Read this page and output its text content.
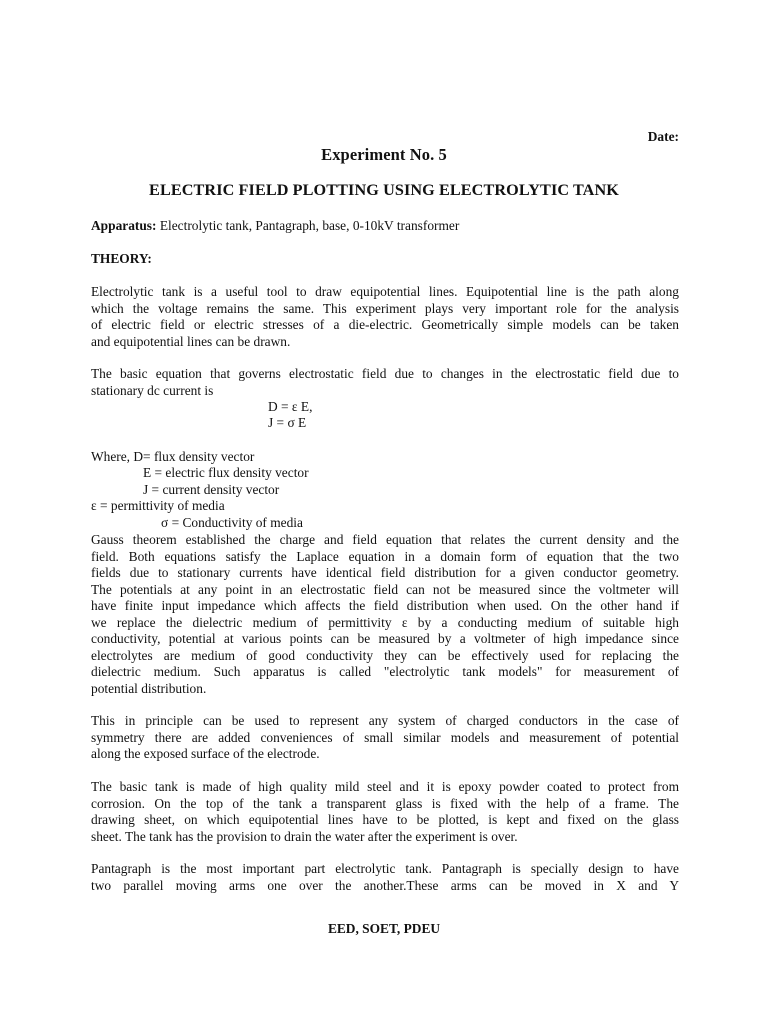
Date:
Experiment No. 5
ELECTRIC FIELD PLOTTING USING ELECTROLYTIC TANK
Apparatus: Electrolytic tank, Pantagraph, base, 0-10kV transformer
THEORY:
Electrolytic tank is a useful tool to draw equipotential lines. Equipotential line is the path along
which the voltage remains the same. This experiment plays very important role for the analysis
of electric field or electric stresses of a die-electric. Geometrically simple models can be taken
and equipotential lines can be drawn.
The basic equation that governs electrostatic field due to changes in the electrostatic field due to
stationary dc current is
D = ε E,
J = σ E
Where, D= flux density vector
E = electric flux density vector
J = current density vector
ε = permittivity of media
σ = Conductivity of media
Gauss theorem established the charge and field equation that relates the current density and the
field. Both equations satisfy the Laplace equation in a domain form of equation that the two
fields due to stationary currents have identical field distribution for a given conductor geometry.
The potentials at any point in an electrostatic field can not be measured since the voltmeter will
have finite input impedance which affects the field distribution when used. On the other hand if
we replace the dielectric medium of permittivity ε by a conducting medium of suitable high
conductivity, potential at various points can be measured by a voltmeter of high impedance since
electrolytes are medium of good conductivity they can be effectively used for replacing the
dielectric medium. Such apparatus is called "electrolytic tank models" for measurement of
potential distribution.
This in principle can be used to represent any system of charged conductors in the case of
symmetry there are added conveniences of small similar models and measurement of potential
along the exposed surface of the electrode.
The basic tank is made of high quality mild steel and it is epoxy powder coated to protect from
corrosion. On the top of the tank a transparent glass is fixed with the help of a frame. The
drawing sheet, on which equipotential lines have to be plotted, is kept and fixed on the glass
sheet. The tank has the provision to drain the water after the experiment is over.
Pantagraph is the most important part electrolytic tank. Pantagraph is specially design to have
two parallel moving arms one over the another.These arms can be moved in X and Y
EED, SOET, PDEU
